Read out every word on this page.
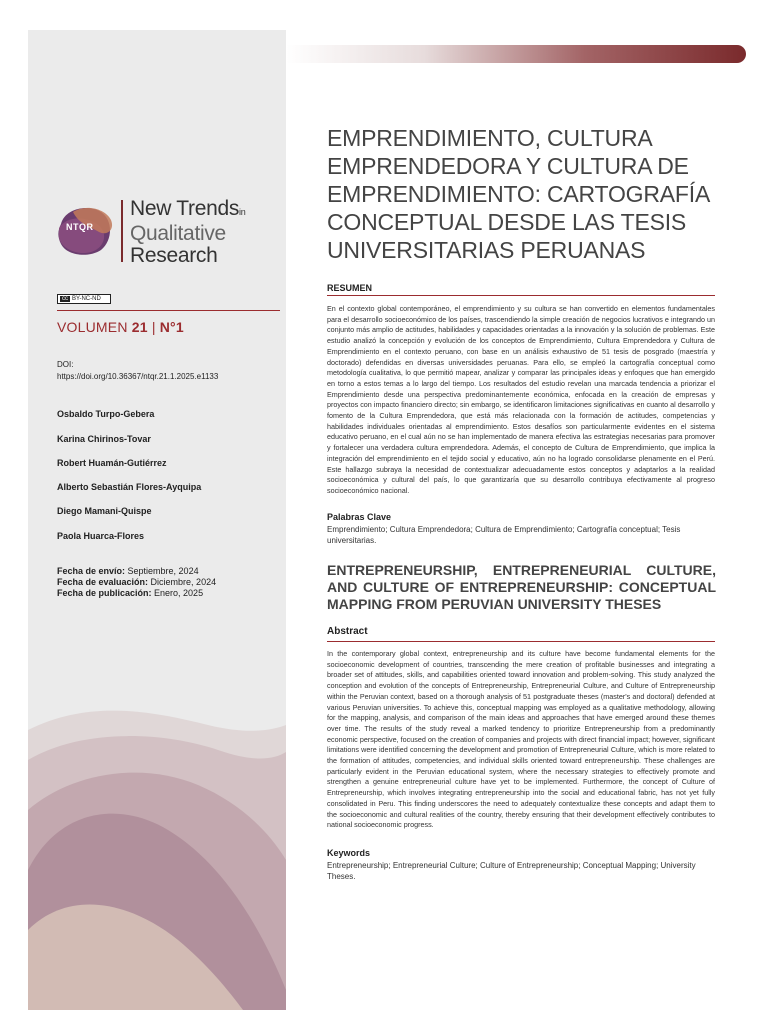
NTQR
New Trendsin
Qualitative
Research
cc BY-NC-ND
VOLUMEN 21 | N°1
DOI:
https://doi.org/10.36367/ntqr.21.1.2025.e1133
Osbaldo Turpo-Gebera
Karina Chirinos-Tovar
Robert Huamán-Gutiérrez
Alberto Sebastián Flores-Ayquipa
Diego Mamani-Quispe
Paola Huarca-Flores
Fecha de envío: Septiembre, 2024
Fecha de evaluación: Diciembre, 2024
Fecha de publicación: Enero, 2025
EMPRENDIMIENTO, CULTURA EMPRENDEDORA Y CULTURA DE EMPRENDIMIENTO: CARTOGRAFÍA CONCEPTUAL DESDE LAS TESIS UNIVERSITARIAS PERUANAS
RESUMEN

En el contexto global contemporáneo, el emprendimiento y su cultura se han convertido en elementos fundamentales para el desarrollo socioeconómico de los países, trascendiendo la simple creación de negocios lucrativos e integrando un conjunto más amplio de actitudes, habilidades y capacidades orientadas a la innovación y la solución de problemas. Este estudio analizó la concepción y evolución de los conceptos de Emprendimiento, Cultura Emprendedora y Cultura de Emprendimiento en el contexto peruano, con base en un análisis exhaustivo de 51 tesis de posgrado (maestría y doctorado) defendidas en diversas universidades peruanas. Para ello, se empleó la cartografía conceptual como metodología cualitativa, lo que permitió mapear, analizar y comparar las principales ideas y enfoques que han emergido en torno a estos temas a lo largo del tiempo. Los resultados del estudio revelan una marcada tendencia a priorizar el Emprendimiento desde una perspectiva predominantemente económica, enfocada en la creación de empresas y proyectos con impacto financiero directo; sin embargo, se identificaron limitaciones significativas en cuanto al desarrollo y fomento de la Cultura Emprendedora, que está más relacionada con la formación de actitudes, competencias y habilidades individuales orientadas al emprendimiento. Estos desafíos son particularmente evidentes en el sistema educativo peruano, en el cual aún no se han implementado de manera efectiva las estrategias necesarias para promover y fortalecer una verdadera cultura emprendedora. Además, el concepto de Cultura de Emprendimiento, que implica la integración del emprendimiento en el tejido social y educativo, aún no ha logrado consolidarse plenamente en el Perú. Este hallazgo subraya la necesidad de contextualizar adecuadamente estos conceptos y adaptarlos a la realidad socioeconómica y cultural del país, lo que garantizaría que su desarrollo contribuya efectivamente al progreso socioeconómico nacional.

Palabras Clave
Emprendimiento; Cultura Emprendedora; Cultura de Emprendimiento; Cartografía conceptual; Tesis universitarias.
ENTREPRENEURSHIP, ENTREPRENEURIAL CULTURE, AND CULTURE OF ENTREPRENEURSHIP: CONCEPTUAL MAPPING FROM PERUVIAN UNIVERSITY THESES
Abstract

In the contemporary global context, entrepreneurship and its culture have become fundamental elements for the socioeconomic development of countries, transcending the mere creation of profitable businesses and integrating a broader set of attitudes, skills, and capabilities oriented toward innovation and problem-solving. This study analyzed the conception and evolution of the concepts of Entrepreneurship, Entrepreneurial Culture, and Culture of Entrepreneurship within the Peruvian context, based on a thorough analysis of 51 postgraduate theses (master's and doctoral) defended at various Peruvian universities. To achieve this, conceptual mapping was employed as a qualitative methodology, allowing for the mapping, analysis, and comparison of the main ideas and approaches that have emerged around these themes over time. The results of the study reveal a marked tendency to prioritize Entrepreneurship from a predominantly economic perspective, focused on the creation of companies and projects with direct financial impact; however, significant limitations were identified concerning the development and promotion of Entrepreneurial Culture, which is more related to the formation of attitudes, competencies, and individual skills oriented toward entrepreneurship. These challenges are particularly evident in the Peruvian educational system, where the necessary strategies to effectively promote and strengthen a genuine entrepreneurial culture have yet to be implemented. Furthermore, the concept of Culture of Entrepreneurship, which involves integrating entrepreneurship into the social and educational fabric, has not yet fully consolidated in Peru. This finding underscores the need to adequately contextualize these concepts and adapt them to the socioeconomic and cultural realities of the country, thereby ensuring that their development effectively contributes to national socioeconomic progress.

Keywords
Entrepreneurship; Entrepreneurial Culture; Culture of Entrepreneurship; Conceptual Mapping; University Theses.
